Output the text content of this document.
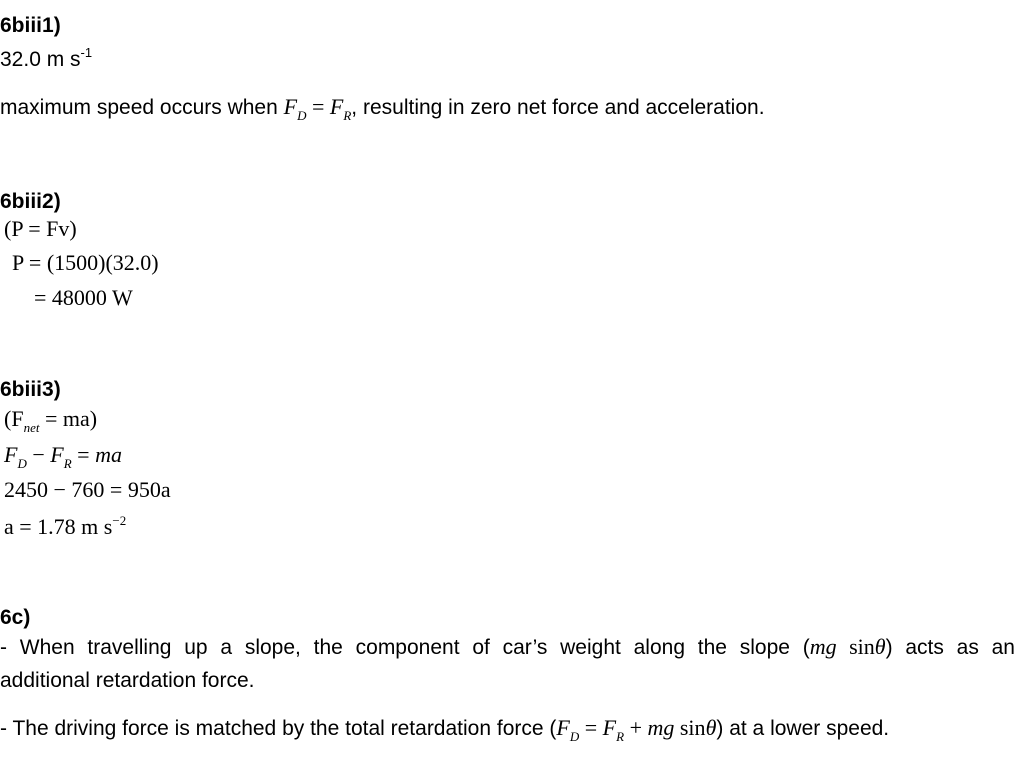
6biii1)
32.0 m $s^{-1}$
maximum speed occurs when $F_D = F_R$, resulting in zero net force and acceleration.
6biii2)
(P = Fv)
P = (1500)(32.0)
= 48000 W
6biii3)
$(F_{net} = ma)$
$F_D - F_R$ = ma
2450 − 760 = 950a
a = 1.78 m $s^{-2}$
6c)
- When travelling up a slope, the component of car’s weight along the slope (mg sinθ) acts as an
additional retardation force.
- The driving force is matched by the total retardation force ($F_D = F_R$ + mg sinθ) at a lower speed.
